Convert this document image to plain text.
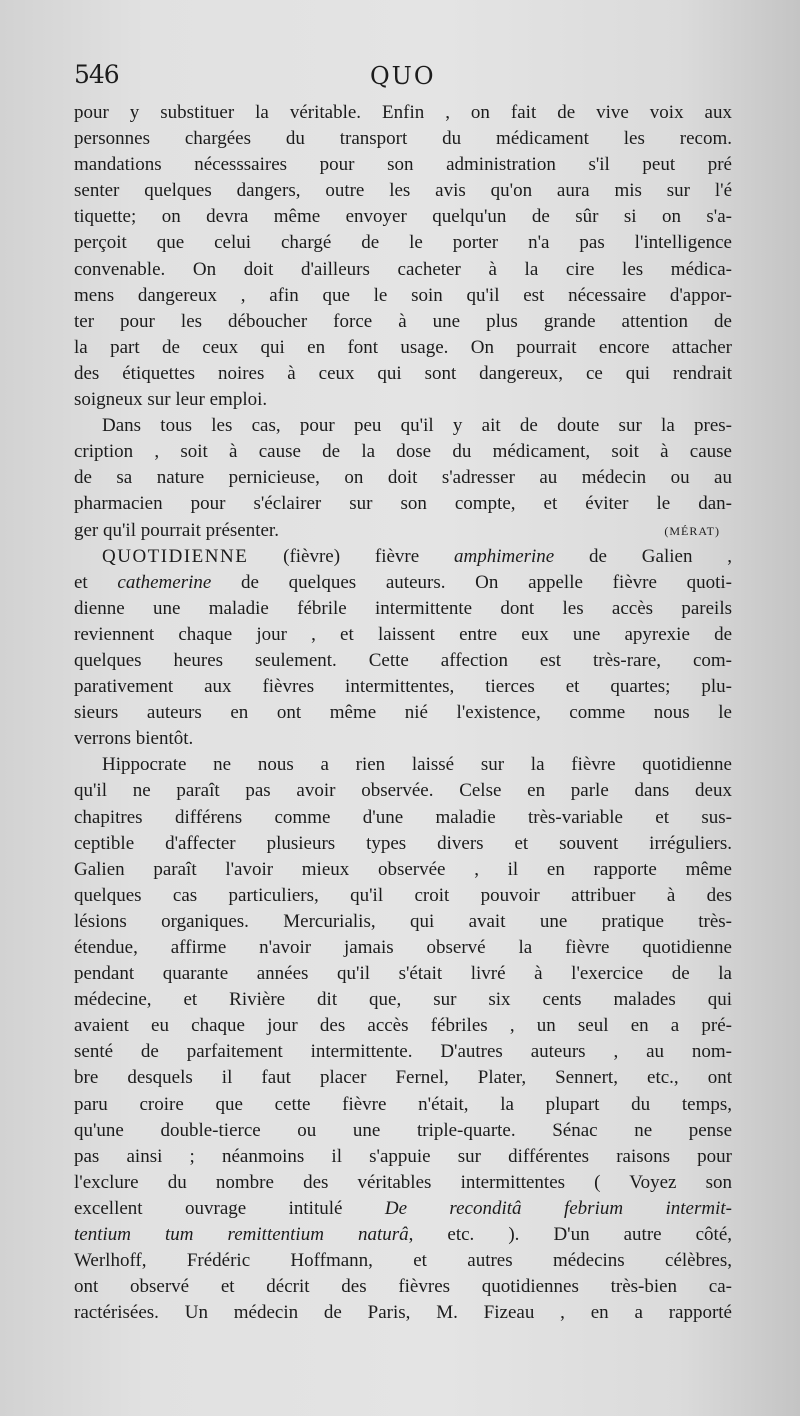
546	QUO
pour y substituer la véritable. Enfin , on fait de vive voix aux
personnes chargées du transport du médicament les recom.
mandations nécesssaires pour son administration s'il peut pré
senter quelques dangers, outre les avis qu'on aura mis sur l'é
tiquette; on devra même envoyer quelqu'un de sûr si on s'a-
perçoit que celui chargé de le porter n'a pas l'intelligence
convenable. On doit d'ailleurs cacheter à la cire les médica-
mens dangereux , afin que le soin qu'il est nécessaire d'appor-
ter pour les déboucher force à une plus grande attention de
la part de ceux qui en font usage. On pourrait encore attacher
des étiquettes noires à ceux qui sont dangereux, ce qui rendrait
soigneux sur leur emploi.
Dans tous les cas, pour peu qu'il y ait de doute sur la pres-
cription , soit à cause de la dose du médicament, soit à cause
de sa nature pernicieuse, on doit s'adresser au médecin ou au
pharmacien pour s'éclairer sur son compte, et éviter le dan-
ger qu'il pourrait présenter.	(MÉRAT)
QUOTIDIENNE (fièvre) fièvre amphimerine de Galien ,
et cathemerine de quelques auteurs. On appelle fièvre quoti-
dienne une maladie fébrile intermittente dont les accès pareils
reviennent chaque jour , et laissent entre eux une apyrexie de
quelques heures seulement. Cette affection est très-rare, com-
parativement aux fièvres intermittentes, tierces et quartes; plu-
sieurs auteurs en ont même nié l'existence, comme nous le
verrons bientôt.
Hippocrate ne nous a rien laissé sur la fièvre quotidienne
qu'il ne paraît pas avoir observée. Celse en parle dans deux
chapitres différens comme d'une maladie très-variable et sus-
ceptible d'affecter plusieurs types divers et souvent irréguliers.
Galien paraît l'avoir mieux observée , il en rapporte même
quelques cas particuliers, qu'il croit pouvoir attribuer à des
lésions organiques. Mercurialis, qui avait une pratique très-
étendue, affirme n'avoir jamais observé la fièvre quotidienne
pendant quarante années qu'il s'était livré à l'exercice de la
médecine, et Rivière dit que, sur six cents malades qui
avaient eu chaque jour des accès fébriles , un seul en a pré-
senté de parfaitement intermittente. D'autres auteurs , au nom-
bre desquels il faut placer Fernel, Plater, Sennert, etc., ont
paru croire que cette fièvre n'était, la plupart du temps,
qu'une double-tierce ou une triple-quarte. Sénac ne pense
pas ainsi ; néanmoins il s'appuie sur différentes raisons pour
l'exclure du nombre des véritables intermittentes ( Voyez son
excellent ouvrage intitulé De reconditâ febrium intermit-
tentium tum remittentium naturâ, etc. ). D'un autre côté,
Werlhoff, Frédéric Hoffmann, et autres médecins célèbres,
ont observé et décrit des fièvres quotidiennes très-bien ca-
ractérisées. Un médecin de Paris, M. Fizeau , en a rapporté
